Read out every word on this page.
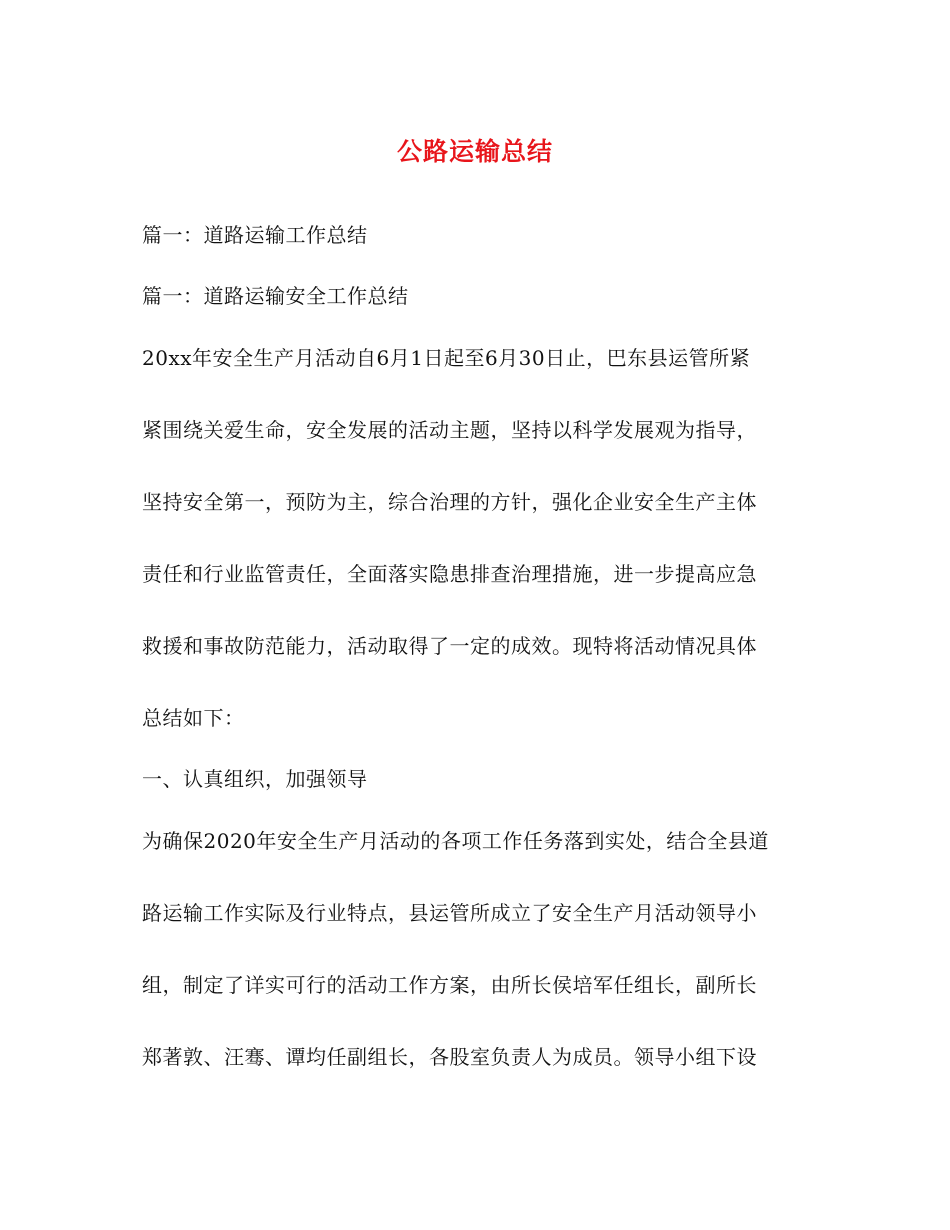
公路运输总结
篇一：道路运输工作总结
篇一：道路运输安全工作总结
20xx年安全生产月活动自6月1日起至6月30日止，巴东县运管所紧
紧围绕关爱生命，安全发展的活动主题，坚持以科学发展观为指导，
坚持安全第一，预防为主，综合治理的方针，强化企业安全生产主体
责任和行业监管责任，全面落实隐患排查治理措施，进一步提高应急
救援和事故防范能力，活动取得了一定的成效。现特将活动情况具体
总结如下：
一、认真组织，加强领导
为确保2020年安全生产月活动的各项工作任务落到实处，结合全县道
路运输工作实际及行业特点，县运管所成立了安全生产月活动领导小
组，制定了详实可行的活动工作方案，由所长侯培军任组长，副所长
郑著敦、汪骞、谭均任副组长，各股室负责人为成员。领导小组下设
